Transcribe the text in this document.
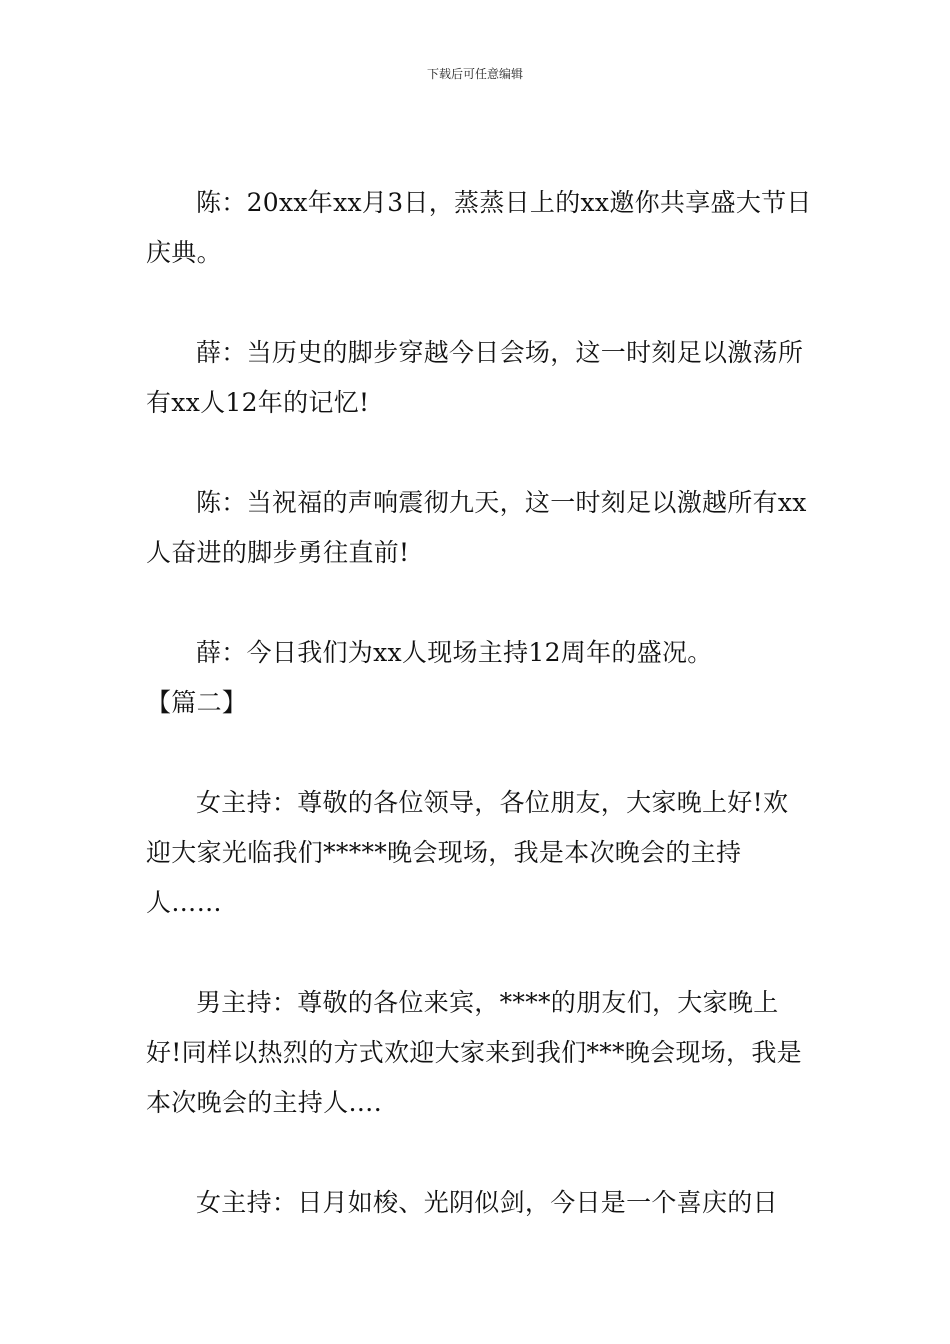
下载后可任意编辑

陈：20xx年xx月3日，蒸蒸日上的xx邀你共享盛大节日庆典。

薛：当历史的脚步穿越今日会场，这一时刻足以激荡所有xx人12年的记忆!

陈：当祝福的声响震彻九天，这一时刻足以激越所有xx人奋进的脚步勇往直前!

薛：今日我们为xx人现场主持12周年的盛况。

【篇二】

女主持：尊敬的各位领导，各位朋友，大家晚上好!欢迎大家光临我们*****晚会现场，我是本次晚会的主持人……

男主持：尊敬的各位来宾，****的朋友们，大家晚上好!同样以热烈的方式欢迎大家来到我们***晚会现场，我是本次晚会的主持人….

女主持：日月如梭、光阴似剑，今日是一个喜庆的日
